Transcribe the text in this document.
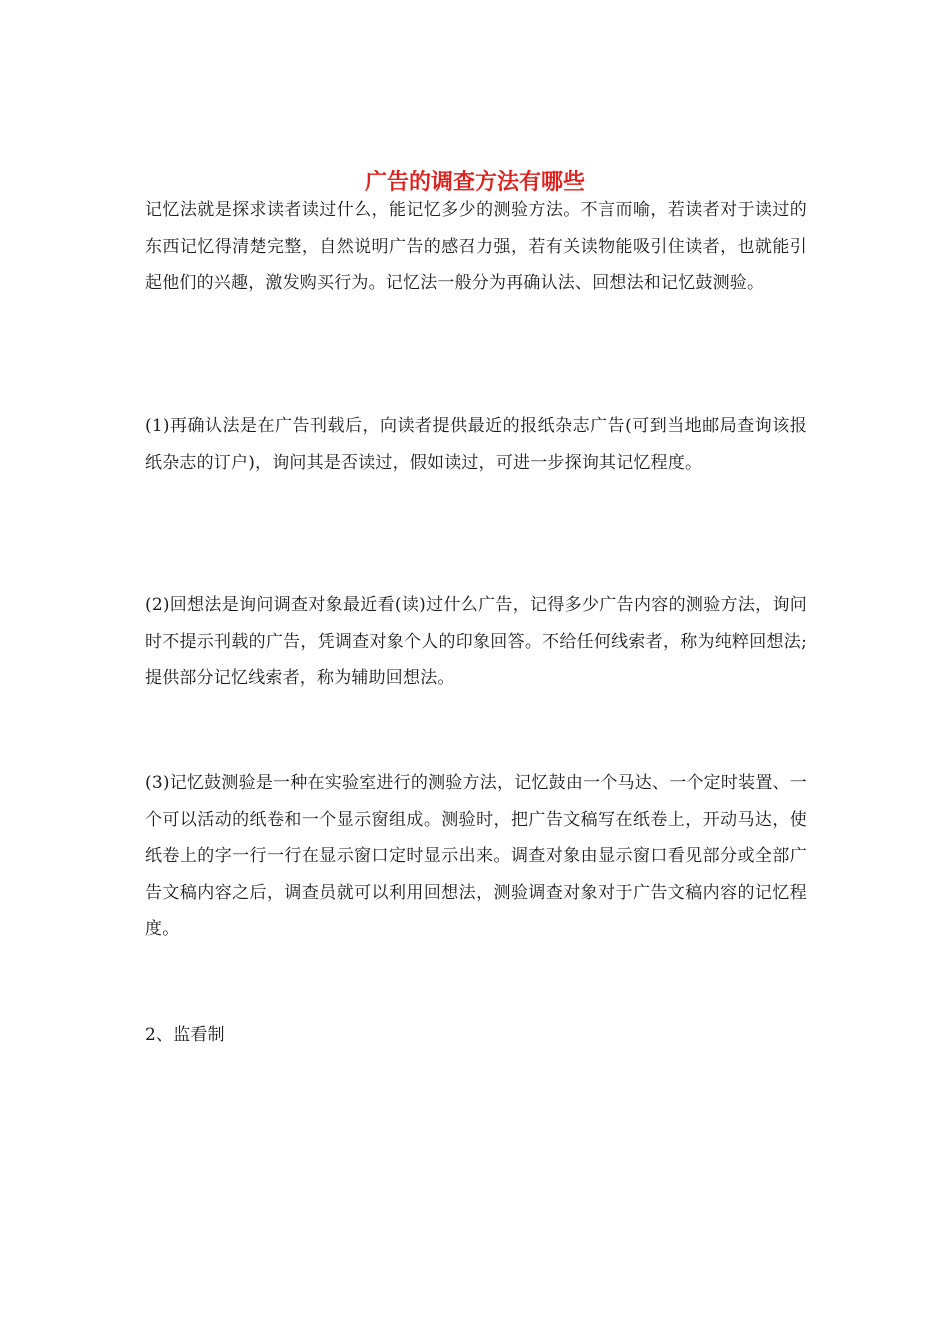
广告的调查方法有哪些

记忆法就是探求读者读过什么，能记忆多少的测验方法。不言而喻，若读者对于读过的东西记忆得清楚完整，自然说明广告的感召力强，若有关读物能吸引住读者，也就能引起他们的兴趣，激发购买行为。记忆法一般分为再确认法、回想法和记忆鼓测验。

(1)再确认法是在广告刊载后，向读者提供最近的报纸杂志广告(可到当地邮局查询该报纸杂志的订户)，询问其是否读过，假如读过，可进一步探询其记忆程度。

(2)回想法是询问调查对象最近看(读)过什么广告，记得多少广告内容的测验方法，询问时不提示刊载的广告，凭调查对象个人的印象回答。不给任何线索者，称为纯粹回想法;提供部分记忆线索者，称为辅助回想法。

(3)记忆鼓测验是一种在实验室进行的测验方法，记忆鼓由一个马达、一个定时装置、一个可以活动的纸卷和一个显示窗组成。测验时，把广告文稿写在纸卷上，开动马达，使纸卷上的字一行一行在显示窗口定时显示出来。调查对象由显示窗口看见部分或全部广告文稿内容之后，调查员就可以利用回想法，测验调查对象对于广告文稿内容的记忆程度。

2、监看制
